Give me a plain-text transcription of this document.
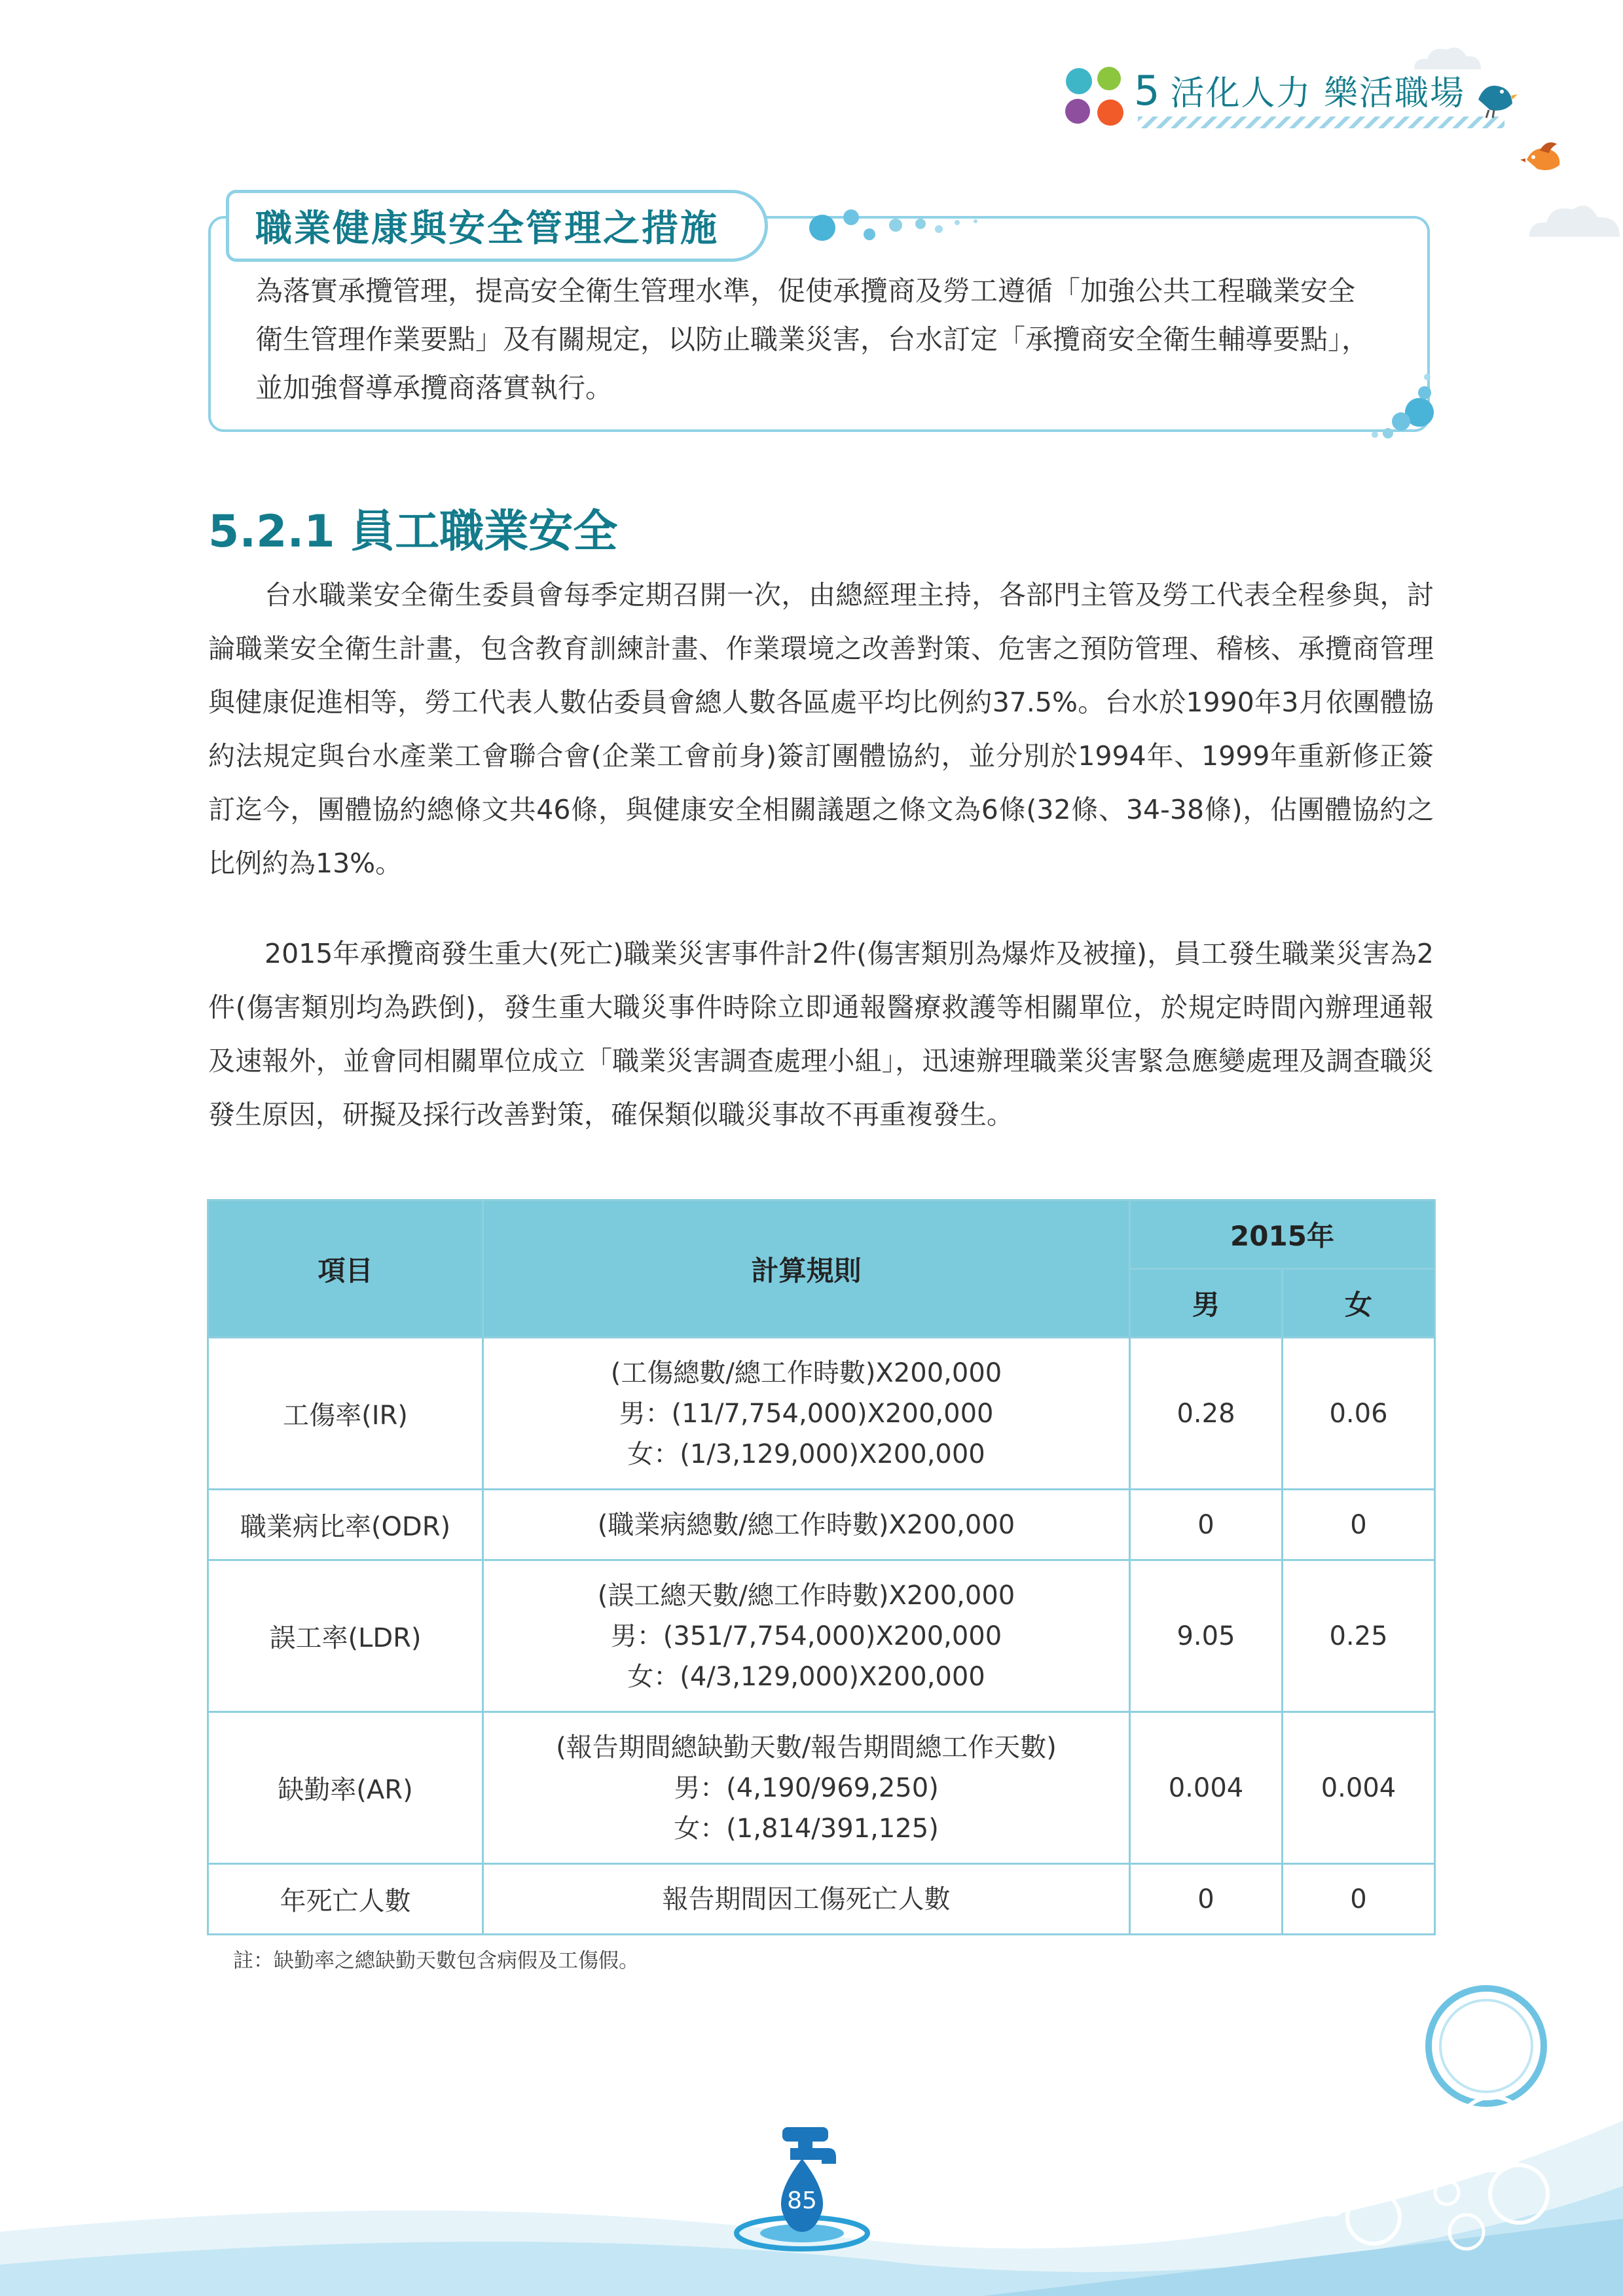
5 活化人力 樂活職場
職業健康與安全管理之措施
為落實承攬管理，提高安全衛生管理水準，促使承攬商及勞工遵循「加強公共工程職業安全衛生管理作業要點」及有關規定，以防止職業災害，台水訂定「承攬商安全衛生輔導要點」，並加強督導承攬商落實執行。
5.2.1 員工職業安全
台水職業安全衛生委員會每季定期召開一次，由總經理主持，各部門主管及勞工代表全程參與，討論職業安全衛生計畫，包含教育訓練計畫、作業環境之改善對策、危害之預防管理、稽核、承攬商管理與健康促進相等，勞工代表人數佔委員會總人數各區處平均比例約37.5%。台水於1990年3月依團體協約法規定與台水產業工會聯合會(企業工會前身)簽訂團體協約，並分別於1994年、1999年重新修正簽訂迄今，團體協約總條文共46條，與健康安全相關議題之條文為6條(32條、34-38條)，佔團體協約之比例約為13%。
2015年承攬商發生重大(死亡)職業災害事件計2件(傷害類別為爆炸及被撞)，員工發生職業災害為2件(傷害類別均為跌倒)，發生重大職災事件時除立即通報醫療救護等相關單位，於規定時間內辦理通報及速報外，並會同相關單位成立「職業災害調查處理小組」，迅速辦理職業災害緊急應變處理及調查職災發生原因，研擬及採行改善對策，確保類似職災事故不再重複發生。
項目	計算規則	2015年	
		男	女
工傷率(IR)	(工傷總數/總工作時數)X200,000
男：(11/7,754,000)X200,000
女：(1/3,129,000)X200,000	0.28	0.06
職業病比率(ODR)	(職業病總數/總工作時數)X200,000	0	0
誤工率(LDR)	(誤工總天數/總工作時數)X200,000
男：(351/7,754,000)X200,000
女：(4/3,129,000)X200,000	9.05	0.25
缺勤率(AR)	(報告期間總缺勤天數/報告期間總工作天數)
男：(4,190/969,250)
女：(1,814/391,125)	0.004	0.004
年死亡人數	報告期間因工傷死亡人數	0	0
註：缺勤率之總缺勤天數包含病假及工傷假。
85
